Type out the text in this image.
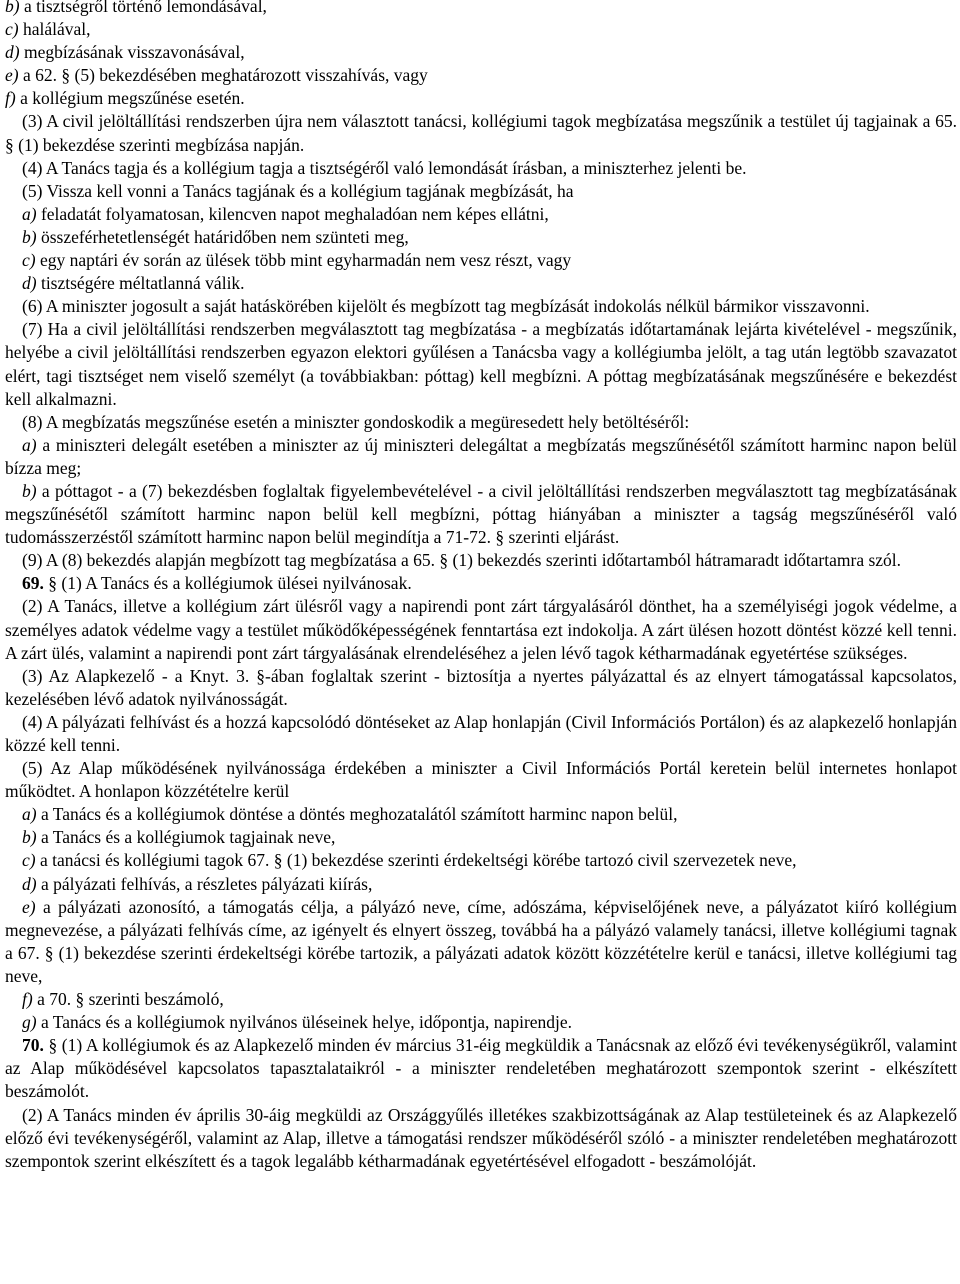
b) a tisztségről történő lemondásával,

c) halálával,

d) megbízásának visszavonásával,

e) a 62. § (5) bekezdésében meghatározott visszahívás, vagy

f) a kollégium megszűnése esetén.

(3) A civil jelöltállítási rendszerben újra nem választott tanácsi, kollégiumi tagok megbízatása megszűnik a testület új tagjainak a 65. § (1) bekezdése szerinti megbízása napján.

(4) A Tanács tagja és a kollégium tagja a tisztségéről való lemondását írásban, a miniszterhez jelenti be.

(5) Vissza kell vonni a Tanács tagjának és a kollégium tagjának megbízását, ha

a) feladatát folyamatosan, kilencven napot meghaladóan nem képes ellátni,

b) összeférhetetlenségét határidőben nem szünteti meg,

c) egy naptári év során az ülések több mint egyharmadán nem vesz részt, vagy

d) tisztségére méltatlanná válik.

(6) A miniszter jogosult a saját hatáskörében kijelölt és megbízott tag megbízását indokolás nélkül bármikor visszavonni.

(7) Ha a civil jelöltállítási rendszerben megválasztott tag megbízatása - a megbízatás időtartamának lejárta kivételével - megszűnik, helyébe a civil jelöltállítási rendszerben egyazon elektori gyűlésen a Tanácsba vagy a kollégiumba jelölt, a tag után legtöbb szavazatot elért, tagi tisztséget nem viselő személyt (a továbbiakban: póttag) kell megbízni. A póttag megbízatásának megszűnésére e bekezdést kell alkalmazni.

(8) A megbízatás megszűnése esetén a miniszter gondoskodik a megüresedett hely betöltéséről:

a) a miniszteri delegált esetében a miniszter az új miniszteri delegáltat a megbízatás megszűnésétől számított harminc napon belül bízza meg;

b) a póttagot - a (7) bekezdésben foglaltak figyelembevételével - a civil jelöltállítási rendszerben megválasztott tag megbízatásának megszűnésétől számított harminc napon belül kell megbízni, póttag hiányában a miniszter a tagság megszűnéséről való tudomásszerzéstől számított harminc napon belül megindítja a 71-72. § szerinti eljárást.

(9) A (8) bekezdés alapján megbízott tag megbízatása a 65. § (1) bekezdés szerinti időtartamból hátramaradt időtartamra szól.

69. § (1) A Tanács és a kollégiumok ülései nyilvánosak.

(2) A Tanács, illetve a kollégium zárt ülésről vagy a napirendi pont zárt tárgyalásáról dönthet, ha a személyiségi jogok védelme, a személyes adatok védelme vagy a testület működőképességének fenntartása ezt indokolja. A zárt ülésen hozott döntést közzé kell tenni. A zárt ülés, valamint a napirendi pont zárt tárgyalásának elrendeléséhez a jelen lévő tagok kétharmadának egyetértése szükséges.

(3) Az Alapkezelő - a Knyt. 3. §-ában foglaltak szerint - biztosítja a nyertes pályázattal és az elnyert támogatással kapcsolatos, kezelésében lévő adatok nyilvánosságát.

(4) A pályázati felhívást és a hozzá kapcsolódó döntéseket az Alap honlapján (Civil Információs Portálon) és az alapkezelő honlapján közzé kell tenni.

(5) Az Alap működésének nyilvánossága érdekében a miniszter a Civil Információs Portál keretein belül internetes honlapot működtet. A honlapon közzétételre kerül

a) a Tanács és a kollégiumok döntése a döntés meghozatalától számított harminc napon belül,

b) a Tanács és a kollégiumok tagjainak neve,

c) a tanácsi és kollégiumi tagok 67. § (1) bekezdése szerinti érdekeltségi körébe tartozó civil szervezetek neve,

d) a pályázati felhívás, a részletes pályázati kiírás,

e) a pályázati azonosító, a támogatás célja, a pályázó neve, címe, adószáma, képviselőjének neve, a pályázatot kiíró kollégium megnevezése, a pályázati felhívás címe, az igényelt és elnyert összeg, továbbá ha a pályázó valamely tanácsi, illetve kollégiumi tagnak a 67. § (1) bekezdése szerinti érdekeltségi körébe tartozik, a pályázati adatok között közzétételre kerül e tanácsi, illetve kollégiumi tag neve,

f) a 70. § szerinti beszámoló,

g) a Tanács és a kollégiumok nyilvános üléseinek helye, időpontja, napirendje.

70. § (1) A kollégiumok és az Alapkezelő minden év március 31-éig megküldik a Tanácsnak az előző évi tevékenységükről, valamint az Alap működésével kapcsolatos tapasztalataikról - a miniszter rendeletében meghatározott szempontok szerint - elkészített beszámolót.

(2) A Tanács minden év április 30-áig megküldi az Országgyűlés illetékes szakbizottságának az Alap testületeinek és az Alapkezelő előző évi tevékenységéről, valamint az Alap, illetve a támogatási rendszer működéséről szóló - a miniszter rendeletében meghatározott szempontok szerint elkészített és a tagok legalább kétharmadának egyetértésével elfogadott - beszámolóját.
